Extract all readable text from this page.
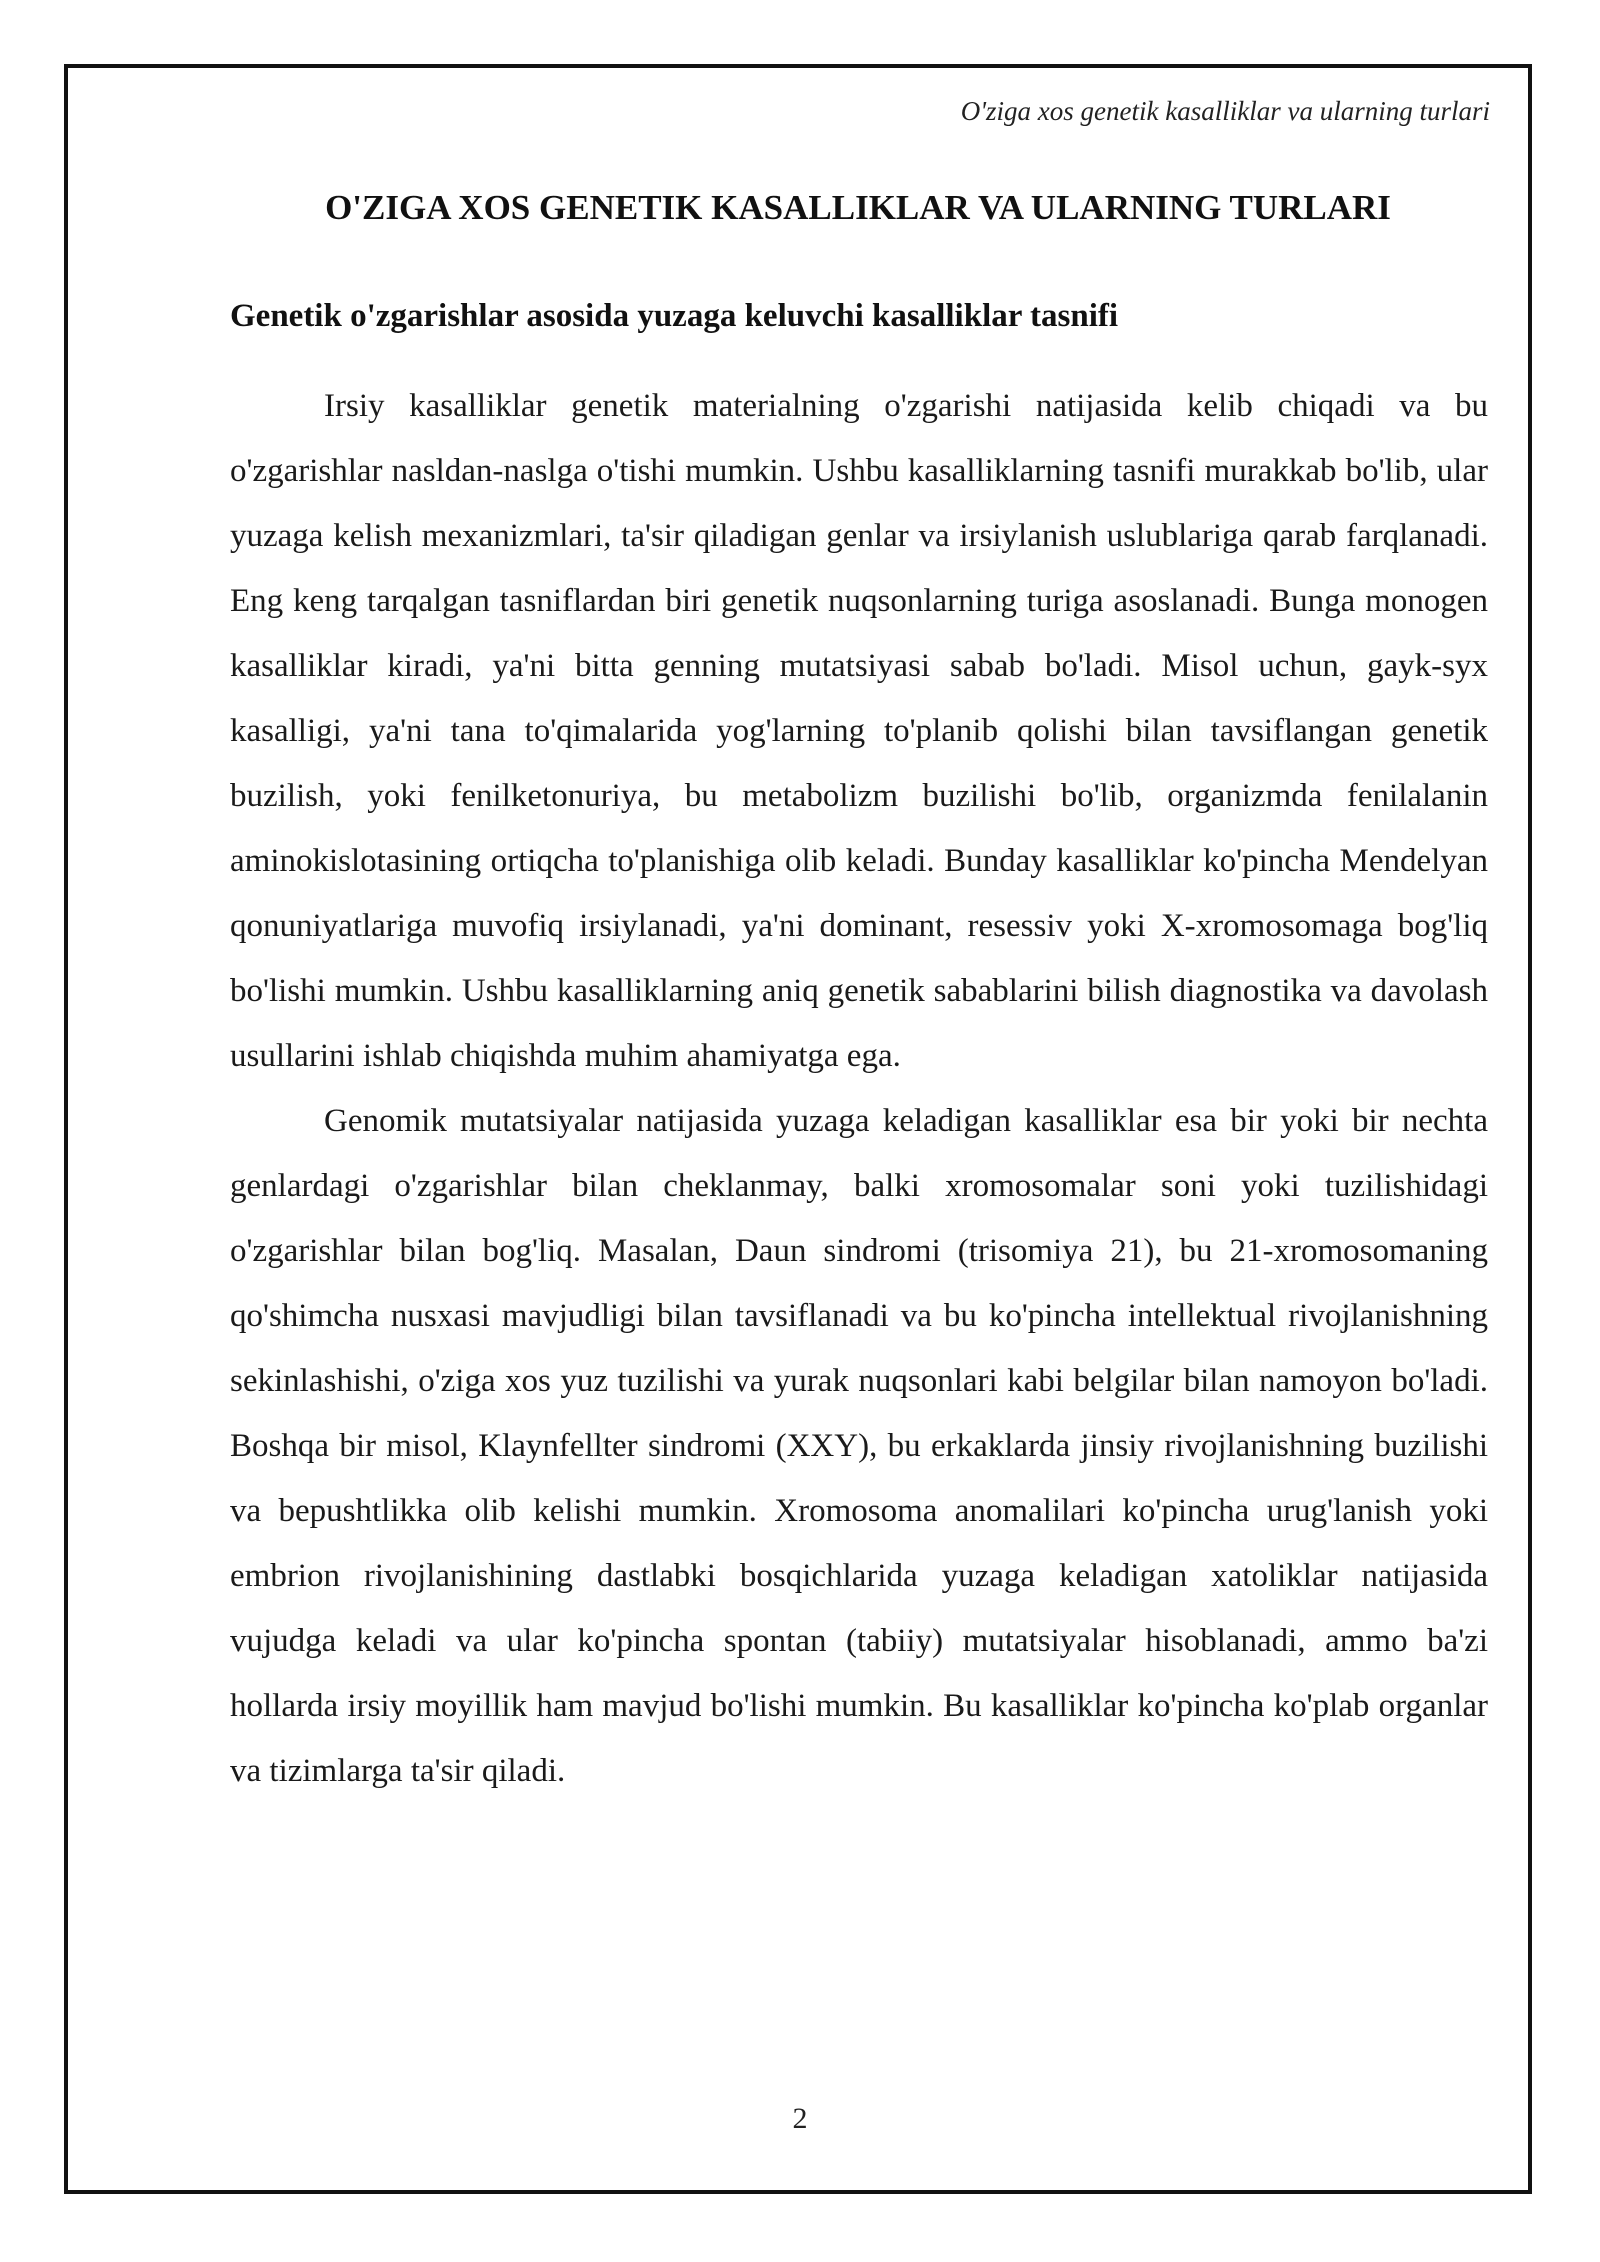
O'ziga xos genetik kasalliklar va ularning turlari
O'ZIGA XOS GENETIK KASALLIKLAR VA ULARNING TURLARI
Genetik o'zgarishlar asosida yuzaga keluvchi kasalliklar tasnifi

Irsiy kasalliklar genetik materialning o'zgarishi natijasida kelib chiqadi va bu o'zgarishlar nasldan-naslga o'tishi mumkin. Ushbu kasalliklarning tasnifi murakkab bo'lib, ular yuzaga kelish mexanizmlari, ta'sir qiladigan genlar va irsiylanish uslublariga qarab farqlanadi. Eng keng tarqalgan tasniflardan biri genetik nuqsonlarning turiga asoslanadi. Bunga monogen kasalliklar kiradi, ya'ni bitta genning mutatsiyasi sabab bo'ladi. Misol uchun, gayk-syx kasalligi, ya'ni tana to'qimalarida yog'larning to'planib qolishi bilan tavsiflangan genetik buzilish, yoki fenilketonuriya, bu metabolizm buzilishi bo'lib, organizmda fenilalanin aminokislotasining ortiqcha to'planishiga olib keladi. Bunday kasalliklar ko'pincha Mendelyan qonuniyatlariga muvofiq irsiylanadi, ya'ni dominant, resessiv yoki X-xromosomaga bog'liq bo'lishi mumkin. Ushbu kasalliklarning aniq genetik sabablarini bilish diagnostika va davolash usullarini ishlab chiqishda muhim ahamiyatga ega.

Genomik mutatsiyalar natijasida yuzaga keladigan kasalliklar esa bir yoki bir nechta genlardagi o'zgarishlar bilan cheklanmay, balki xromosomalar soni yoki tuzilishidagi o'zgarishlar bilan bog'liq. Masalan, Daun sindromi (trisomiya 21), bu 21-xromosomaning qo'shimcha nusxasi mavjudligi bilan tavsiflanadi va bu ko'pincha intellektual rivojlanishning sekinlashishi, o'ziga xos yuz tuzilishi va yurak nuqsonlari kabi belgilar bilan namoyon bo'ladi. Boshqa bir misol, Klaynfellter sindromi (XXY), bu erkaklarda jinsiy rivojlanishning buzilishi va bepushtlikka olib kelishi mumkin. Xromosoma anomalilari ko'pincha urug'lanish yoki embrion rivojlanishining dastlabki bosqichlarida yuzaga keladigan xatoliklar natijasida vujudga keladi va ular ko'pincha spontan (tabiiy) mutatsiyalar hisoblanadi, ammo ba'zi hollarda irsiy moyillik ham mavjud bo'lishi mumkin. Bu kasalliklar ko'pincha ko'plab organlar va tizimlarga ta'sir qiladi.

2
